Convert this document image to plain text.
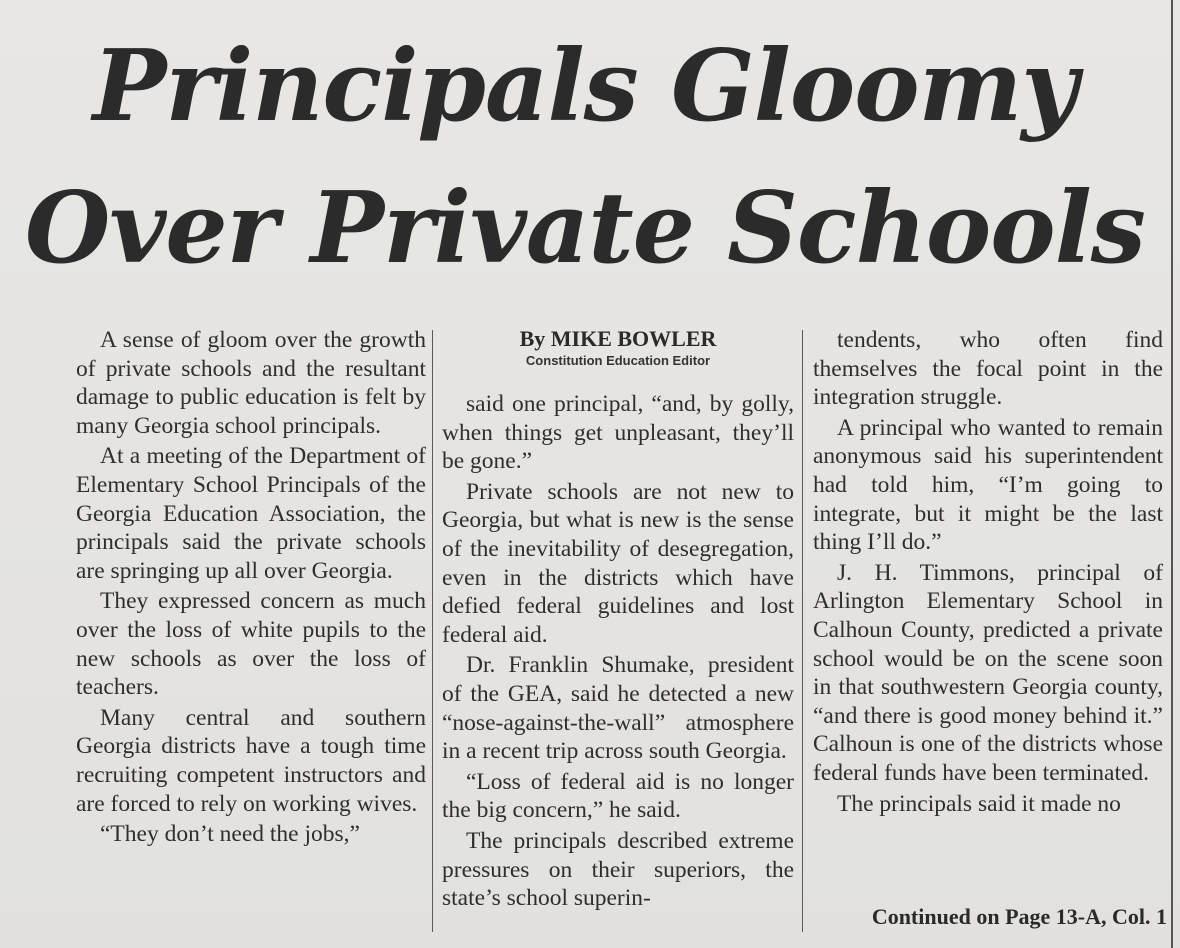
Principals Gloomy
Over Private Schools

A sense of gloom over the growth of private schools and the resultant damage to public education is felt by many Georgia school principals.

At a meeting of the Department of Elementary School Principals of the Georgia Education Association, the principals said the private schools are springing up all over Georgia.

They expressed concern as much over the loss of white pupils to the new schools as over the loss of teachers.

Many central and southern Georgia districts have a tough time recruiting competent instructors and are forced to rely on working wives.

“They don’t need the jobs,”

By MIKE BOWLER
Constitution Education Editor

said one principal, “and, by golly, when things get unpleasant, they’ll be gone.”

Private schools are not new to Georgia, but what is new is the sense of the inevitability of desegregation, even in the districts which have defied federal guidelines and lost federal aid.

Dr. Franklin Shumake, president of the GEA, said he detected a new “nose-against-the-wall” atmosphere in a recent trip across south Georgia.

“Loss of federal aid is no longer the big concern,” he said.

The principals described extreme pressures on their superiors, the state’s school superin-

tendents, who often find themselves the focal point in the integration struggle.

A principal who wanted to remain anonymous said his superintendent had told him, “I’m going to integrate, but it might be the last thing I’ll do.”

J. H. Timmons, principal of Arlington Elementary School in Calhoun County, predicted a private school would be on the scene soon in that southwestern Georgia county, “and there is good money behind it.” Calhoun is one of the districts whose federal funds have been terminated.

The principals said it made no

Continued on Page 13-A, Col. 1
